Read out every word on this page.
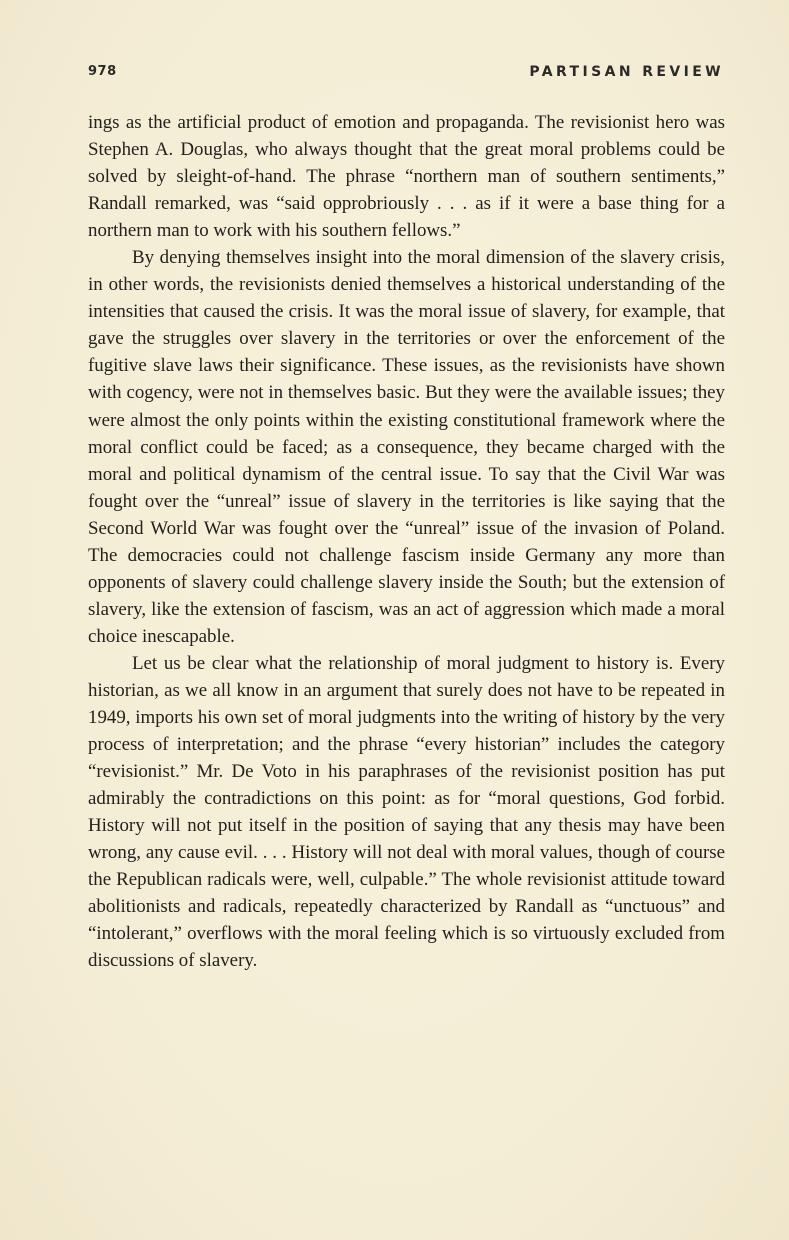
978	PARTISAN REVIEW

ings as the artificial product of emotion and propaganda. The revisionist hero was Stephen A. Douglas, who always thought that the great moral problems could be solved by sleight-of-hand. The phrase “northern man of southern sentiments,” Randall remarked, was “said opprobriously . . . as if it were a base thing for a northern man to work with his southern fellows.”

By denying themselves insight into the moral dimension of the slavery crisis, in other words, the revisionists denied themselves a historical understanding of the intensities that caused the crisis. It was the moral issue of slavery, for example, that gave the struggles over slavery in the territories or over the enforcement of the fugitive slave laws their significance. These issues, as the revisionists have shown with cogency, were not in themselves basic. But they were the available issues; they were almost the only points within the existing constitutional framework where the moral conflict could be faced; as a consequence, they became charged with the moral and political dynamism of the central issue. To say that the Civil War was fought over the “unreal” issue of slavery in the territories is like saying that the Second World War was fought over the “unreal” issue of the invasion of Poland. The democracies could not challenge fascism inside Germany any more than opponents of slavery could challenge slavery inside the South; but the extension of slavery, like the extension of fascism, was an act of aggression which made a moral choice inescapable.

Let us be clear what the relationship of moral judgment to history is. Every historian, as we all know in an argument that surely does not have to be repeated in 1949, imports his own set of moral judgments into the writing of history by the very process of interpretation; and the phrase “every historian” includes the category “revisionist.” Mr. De Voto in his paraphrases of the revisionist position has put admirably the contradictions on this point: as for “moral questions, God forbid. History will not put itself in the position of saying that any thesis may have been wrong, any cause evil. . . . History will not deal with moral values, though of course the Republican radicals were, well, culpable.” The whole revisionist attitude toward abolitionists and radicals, repeatedly characterized by Randall as “unctuous” and “intolerant,” overflows with the moral feeling which is so virtuously excluded from discussions of slavery.
